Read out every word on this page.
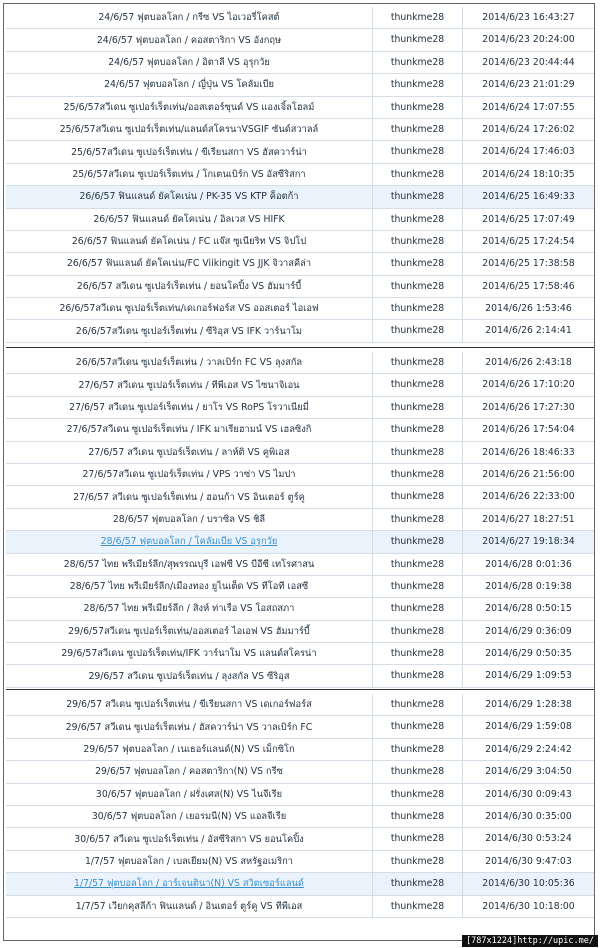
24/6/57 ฟุตบอลโลก / กรีซ VS ไอเวอรี่โคสต์	thunkme28	2014/6/23 16:43:27
24/6/57 ฟุตบอลโลก / คอสตาริกา VS อังกฤษ	thunkme28	2014/6/23 20:24:00
24/6/57 ฟุตบอลโลก / อิตาลี VS อุรุกวัย	thunkme28	2014/6/23 20:44:44
24/6/57 ฟุตบอลโลก / ญี่ปุ่น VS โคลัมเบีย	thunkme28	2014/6/23 21:01:29
25/6/57สวีเดน ซูเปอร์เร็ตเท่น/ออสเตอร์ซุนด์ VS แองเจิ้ลโฮลม์	thunkme28	2014/6/24 17:07:55
25/6/57สวีเดน ซูเปอร์เร็ตเท่น/แลนด์สโครนาVSGIF ซันด์สวาลล์	thunkme28	2014/6/24 17:26:02
25/6/57สวีเดน ซูเปอร์เร็ตเท่น / ขีเรียนสกา VS ฮัสควาร์น่า	thunkme28	2014/6/24 17:46:03
25/6/57สวีเดน ซูเปอร์เร็ตเท่น / โกเตนเบิร์ก VS อัสซีริสกา	thunkme28	2014/6/24 18:10:35
26/6/57 ฟินแลนด์ ยัคโคเน่น / PK-35 VS KTP ค็อตก้า	thunkme28	2014/6/25 16:49:33
26/6/57 ฟินแลนด์ ยัคโคเน่น / อิลเวส VS HIFK	thunkme28	2014/6/25 17:07:49
26/6/57 ฟินแลนด์ ยัคโคเน่น / FC แจ๊ส ซูเนียริท VS จิปโป	thunkme28	2014/6/25 17:24:54
26/6/57 ฟินแลนด์ ยัคโคเน่น/FC Viikingit VS JJK จิวาสคีล่า	thunkme28	2014/6/25 17:38:58
26/6/57 สวีเดน ซูเปอร์เร็ตเท่น / ยอนโคปิ้ง VS ฮัมมาร์บี้	thunkme28	2014/6/25 17:58:46
26/6/57สวีเดน ซูเปอร์เร็ตเท่น/เดเกอร์ฟอร์ส VS ออสเตอร์ ไอเอฟ	thunkme28	2014/6/26 1:53:46
26/6/57สวีเดน ซูเปอร์เร็ตเท่น / ซีริอุส VS IFK วาร์นาโม	thunkme28	2014/6/26 2:14:41
26/6/57สวีเดน ซูเปอร์เร็ตเท่น / วาลเบิร์ก FC VS ลุงสกัล	thunkme28	2014/6/26 2:43:18
27/6/57 สวีเดน ซูเปอร์เร็ตเท่น / ทีพีเอส VS ไซนาจิเอน	thunkme28	2014/6/26 17:10:20
27/6/57 สวีเดน ซูเปอร์เร็ตเท่น / ยาโร VS RoPS โรวาเนียมี่	thunkme28	2014/6/26 17:27:30
27/6/57สวีเดน ซูเปอร์เร็ตเท่น / IFK มาเรียฮามน์ VS เฮลซิงกิ	thunkme28	2014/6/26 17:54:04
27/6/57 สวีเดน ซูเปอร์เร็ตเท่น / ลาห์ติ VS คูพิเอส	thunkme28	2014/6/26 18:46:33
27/6/57สวีเดน ซูเปอร์เร็ตเท่น / VPS วาซ่า VS ไมปา	thunkme28	2014/6/26 21:56:00
27/6/57 สวีเดน ซูเปอร์เร็ตเท่น / ฮอนก้า VS อินเตอร์ ตูร์คู	thunkme28	2014/6/26 22:33:00
28/6/57 ฟุตบอลโลก / บราซิล VS ชิลี	thunkme28	2014/6/27 18:27:51
28/6/57 ฟุตบอลโลก / โคลัมเบีย VS อุรุกวัย	thunkme28	2014/6/27 19:18:34
28/6/57 ไทย พรีเมียร์ลีก/สุพรรณบุรี เอฟซี VS บีอีซี เทโรศาสน	thunkme28	2014/6/28 0:01:36
28/6/57 ไทย พรีเมียร์ลีก/เมืองทอง ยูไนเต็ด VS ทีโอที เอสซี	thunkme28	2014/6/28 0:19:38
28/6/57 ไทย พรีเมียร์ลีก / สิงห์ ท่าเรือ VS โอสถสภา	thunkme28	2014/6/28 0:50:15
29/6/57สวีเดน ซูเปอร์เร็ตเท่น/ออสเตอร์ ไอเอฟ VS ฮัมมาร์บี้	thunkme28	2014/6/29 0:36:09
29/6/57สวีเดน ซูเปอร์เร็ตเท่น/IFK วาร์นาโม VS แลนด์สโครน่า	thunkme28	2014/6/29 0:50:35
29/6/57 สวีเดน ซูเปอร์เร็ตเท่น / ลุงสกัล VS ซีริอุส	thunkme28	2014/6/29 1:09:53
29/6/57 สวีเดน ซูเปอร์เร็ตเท่น / ขีเรียนสกา VS เดเกอร์ฟอร์ส	thunkme28	2014/6/29 1:28:38
29/6/57 สวีเดน ซูเปอร์เร็ตเท่น / ฮัสควาร์น่า VS วาลเบิร์ก FC	thunkme28	2014/6/29 1:59:08
29/6/57 ฟุตบอลโลก / เนเธอร์แลนด์(N) VS เม็กซิโก	thunkme28	2014/6/29 2:24:42
29/6/57 ฟุตบอลโลก / คอสตาริกา(N) VS กรีซ	thunkme28	2014/6/29 3:04:50
30/6/57 ฟุตบอลโลก / ฝรั่งเศส(N) VS ไนจีเรีย	thunkme28	2014/6/30 0:09:43
30/6/57 ฟุตบอลโลก / เยอรมนี(N) VS แอลจีเรีย	thunkme28	2014/6/30 0:35:00
30/6/57 สวีเดน ซูเปอร์เร็ตเท่น / อัสซีริสกา VS ยอนโคปิ้ง	thunkme28	2014/6/30 0:53:24
1/7/57 ฟุตบอลโลก / เบลเยียม(N) VS สหรัฐอเมริกา	thunkme28	2014/6/30 9:47:03
1/7/57 ฟุตบอลโลก / อาร์เจนตินา(N) VS สวิตเซอร์แลนด์	thunkme28	2014/6/30 10:05:36
1/7/57 เวียกคุสลีก้า ฟินแลนด์ / อินเตอร์ ตูร์คู VS ทีพีเอส	thunkme28	2014/6/30 10:18:00
[787x1224]http://upic.me/
